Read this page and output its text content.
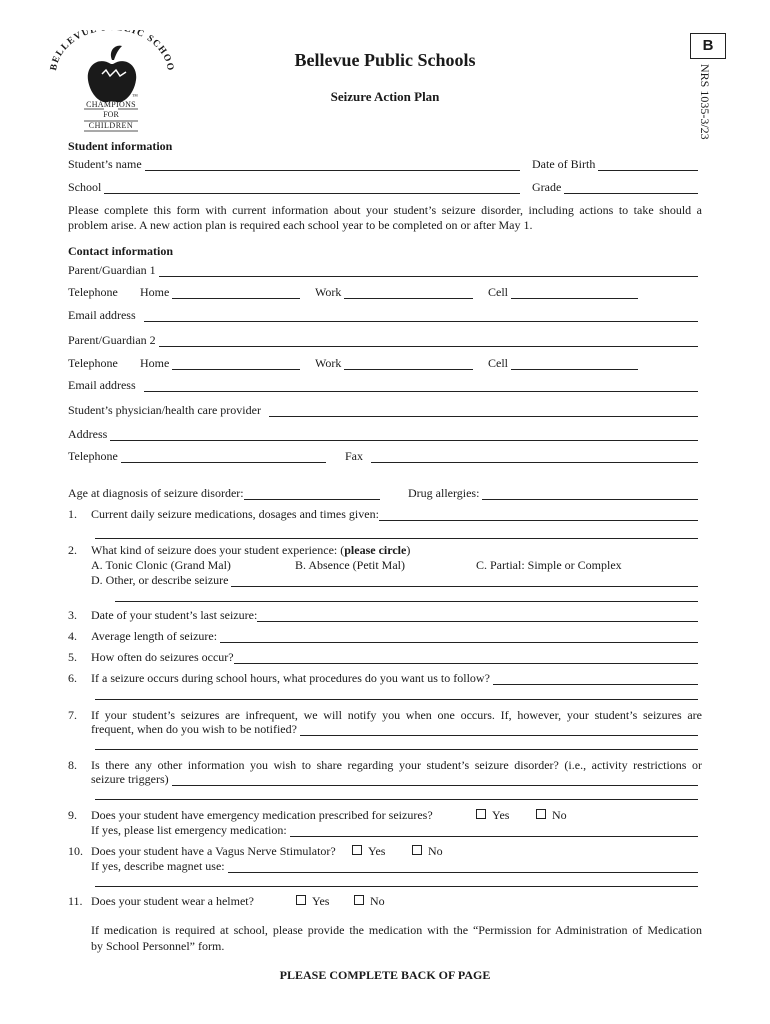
BELLEVUE IC SCHOO
CHAMPIONS
FOR
CHILDREN
™
Bellevue Public Schools
Seizure Action Plan
B
NRS 1035-3/23
Student information
Student’s name	Date of Birth
School	Grade
Please complete this form with current information about your student’s seizure disorder, including actions to take should a problem arise. A new action plan is required each school year to be completed on or after May 1.
Contact information
Parent/Guardian 1
Telephone Home	Work	Cell
Email address
Parent/Guardian 2
Telephone Home	Work	Cell
Email address
Student’s physician/health care provider
Address
Telephone	Fax
Age at diagnosis of seizure disorder:	Drug allergies:
1. Current daily seizure medications, dosages and times given:
2. What kind of seizure does your student experience: (please circle)
A. Tonic Clonic (Grand Mal)	B. Absence (Petit Mal)	C. Partial: Simple or Complex
D. Other, or describe seizure
3. Date of your student’s last seizure:
4. Average length of seizure:
5. How often do seizures occur?
6. If a seizure occurs during school hours, what procedures do you want us to follow?
7. If your student’s seizures are infrequent, we will notify you when one occurs. If, however, your student’s seizures are
frequent, when do you wish to be notified?
8. Is there any other information you wish to share regarding your student’s seizure disorder? (i.e., activity restrictions or
seizure triggers)
9. Does your student have emergency medication prescribed for seizures?	Yes	No
If yes, please list emergency medication:
10. Does your student have a Vagus Nerve Stimulator?	Yes	No
If yes, describe magnet use:
11. Does your student wear a helmet?	Yes	No
If medication is required at school, please provide the medication with the “Permission for Administration of Medication
by School Personnel” form.
PLEASE COMPLETE BACK OF PAGE
